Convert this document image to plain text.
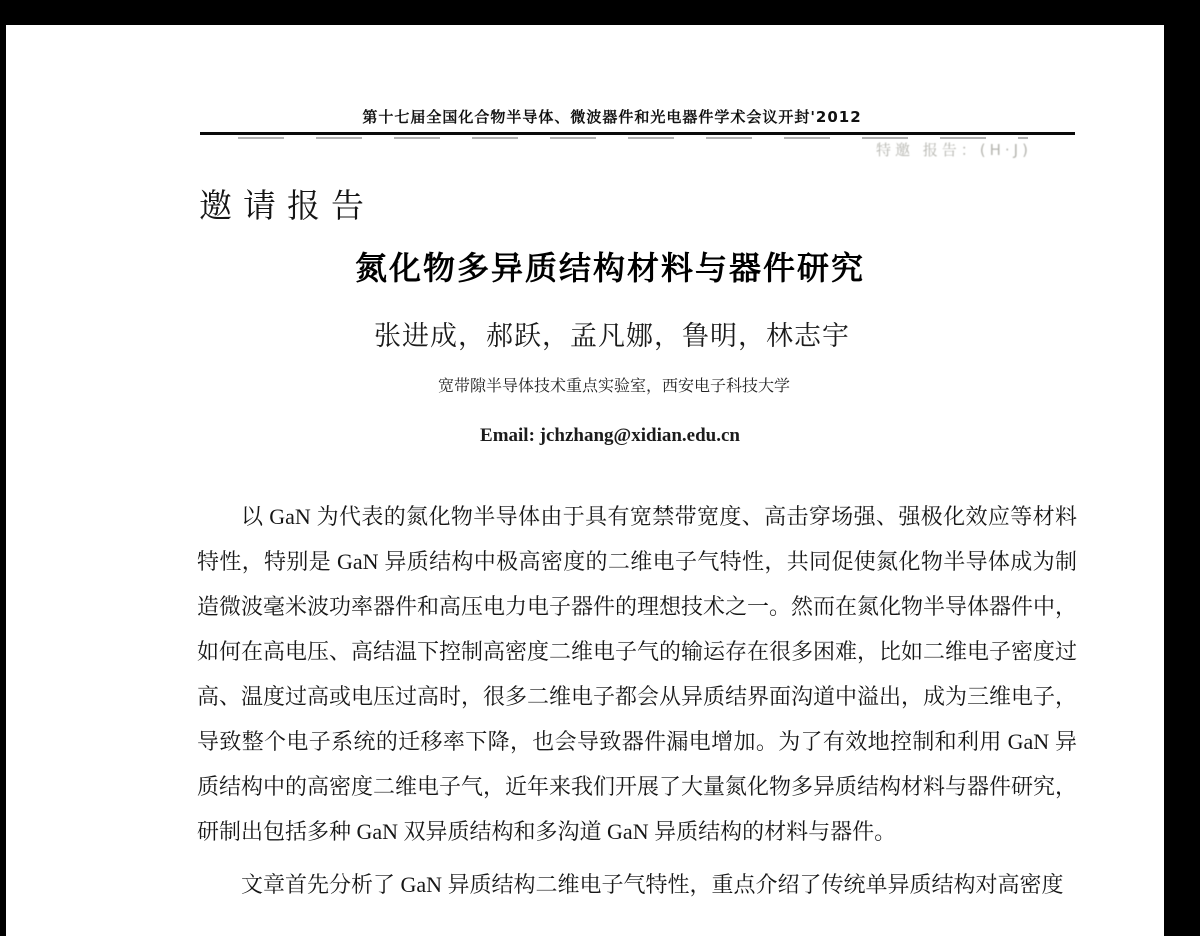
第十七届全国化合物半导体、微波器件和光电器件学术会议开封'2012
特邀 报告：(H·J)
邀请报告
氮化物多异质结构材料与器件研究
张进成，郝跃，孟凡娜，鲁明，林志宇
宽带隙半导体技术重点实验室，西安电子科技大学
Email: jchzhang@xidian.edu.cn

以 GaN 为代表的氮化物半导体由于具有宽禁带宽度、高击穿场强、强极化效应等材料特性，特别是 GaN 异质结构中极高密度的二维电子气特性，共同促使氮化物半导体成为制造微波毫米波功率器件和高压电力电子器件的理想技术之一。然而在氮化物半导体器件中，如何在高电压、高结温下控制高密度二维电子气的输运存在很多困难，比如二维电子密度过高、温度过高或电压过高时，很多二维电子都会从异质结界面沟道中溢出，成为三维电子，导致整个电子系统的迁移率下降，也会导致器件漏电增加。为了有效地控制和利用 GaN 异质结构中的高密度二维电子气，近年来我们开展了大量氮化物多异质结构材料与器件研究，研制出包括多种 GaN 双异质结构和多沟道 GaN 异质结构的材料与器件。

文章首先分析了 GaN 异质结构二维电子气特性，重点介绍了传统单异质结构对高密度
